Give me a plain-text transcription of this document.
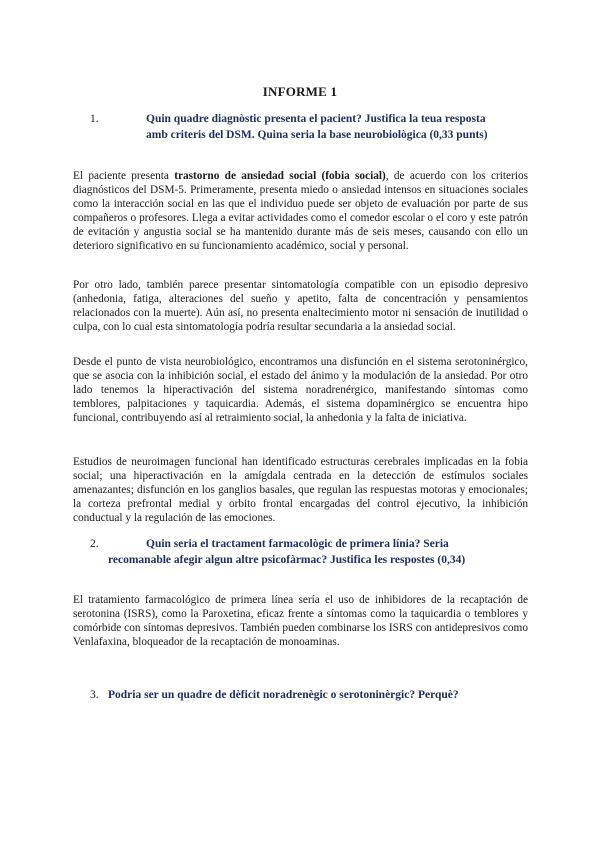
INFORME 1
1.	Quin quadre diagnòstic presenta el pacient? Justifica la teua resposta
amb criteris del DSM. Quina seria la base neurobiològica (0,33 punts)

El paciente presenta trastorno de ansiedad social (fobia social), de acuerdo con los criterios diagnósticos del DSM-5. Primeramente, presenta miedo o ansiedad intensos en situaciones sociales como la interacción social en las que el individuo puede ser objeto de evaluación por parte de sus compañeros o profesores. Llega a evitar actividades como el comedor escolar o el coro y este patrón de evitación y angustia social se ha mantenido durante más de seis meses, causando con ello un deterioro significativo en su funcionamiento académico, social y personal.

Por otro lado, también parece presentar sintomatología compatible con un episodio depresivo (anhedonia, fatiga, alteraciones del sueño y apetito, falta de concentración y pensamientos relacionados con la muerte). Aún así, no presenta enaltecimiento motor ni sensación de inutilidad o culpa, con lo cual esta sintomatología podría resultar secundaria a la ansiedad social.

Desde el punto de vista neurobiológico, encontramos una disfunción en el sistema serotoninérgico, que se asocia con la inhibición social, el estado del ánimo y la modulación de la ansiedad. Por otro lado tenemos la hiperactivación del sistema noradrenérgico, manifestando síntomas como temblores, palpitaciones y taquicardia. Además, el sistema dopaminérgico se encuentra hipo funcional, contribuyendo así al retraimiento social, la anhedonia y la falta de iniciativa.

Estudios de neuroimagen funcional han identificado estructuras cerebrales implicadas en la fobia social; una hiperactivación en la amígdala centrada en la detección de estímulos sociales amenazantes; disfunción en los ganglios basales, que regulan las respuestas motoras y emocionales; la corteza prefrontal medial y orbito frontal encargadas del control ejecutivo, la inhibición conductual y la regulación de las emociones.

2.	Quin seria el tractament farmacològic de primera línia? Seria
recomanable afegir algun altre psicofàrmac? Justifica les respostes (0,34)

El tratamiento farmacológico de primera línea sería el uso de inhibidores de la recaptación de serotonina (ISRS), como la Paroxetina, eficaz frente a síntomas como la taquicardia o temblores y comórbide con síntomas depresivos. También pueden combinarse los ISRS con antidepresivos como Venlafaxina, bloqueador de la recaptación de monoaminas.

3. Podria ser un quadre de dèficit noradrenègic o serotoninèrgic? Perquè?
